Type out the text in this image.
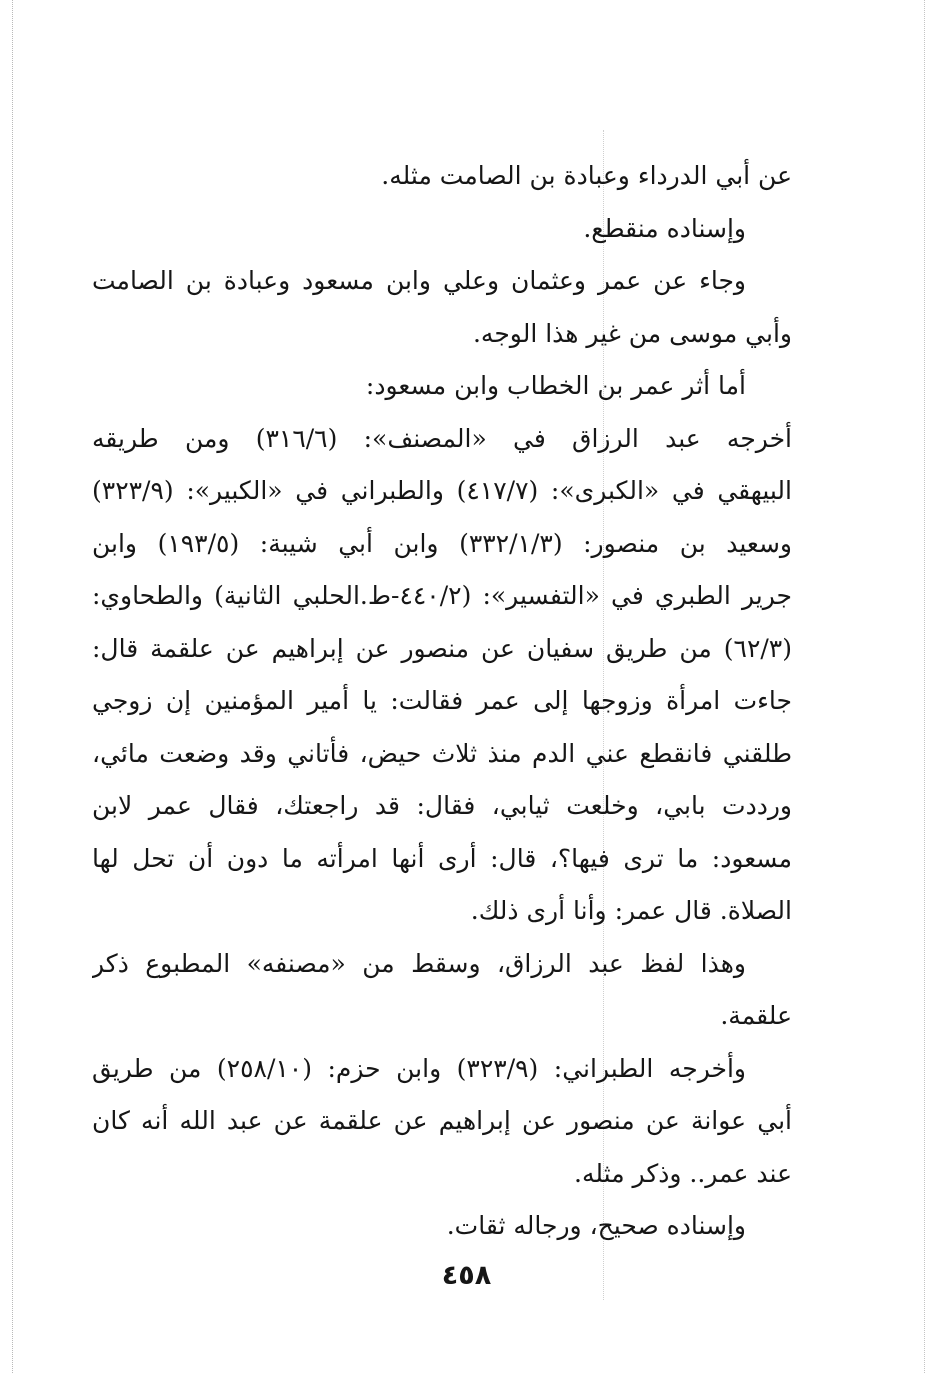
عن أبي الدرداء وعبادة بن الصامت مثله.
وإسناده منقطع.
وجاء عن عمر وعثمان وعلي وابن مسعود وعبادة بن الصامت
وأبي موسى من غير هذا الوجه.
أما أثر عمر بن الخطاب وابن مسعود:
أخرجه عبد الرزاق في «المصنف»: (٣١٦/٦) ومن طريقه
البيهقي في «الكبرى»: (٤١٧/٧) والطبراني في «الكبير»: (٣٢٣/٩)
وسعيد بن منصور: (٣٣٢/١/٣) وابن أبي شيبة: (١٩٣/٥) وابن
جرير الطبري في «التفسير»: (٤٤٠/٢-ط.الحلبي الثانية) والطحاوي:
(٦٢/٣) من طريق سفيان عن منصور عن إبراهيم عن علقمة قال:
جاءت امرأة وزوجها إلى عمر فقالت: يا أمير المؤمنين إن زوجي
طلقني فانقطع عني الدم منذ ثلاث حيض، فأتاني وقد وضعت مائي،
ورددت بابي، وخلعت ثيابي، فقال: قد راجعتك، فقال عمر لابن
مسعود: ما ترى فيها؟، قال: أرى أنها امرأته ما دون أن تحل لها
الصلاة. قال عمر: وأنا أرى ذلك.
وهذا لفظ عبد الرزاق، وسقط من «مصنفه» المطبوع ذكر
علقمة.
وأخرجه الطبراني: (٣٢٣/٩) وابن حزم: (٢٥٨/١٠) من طريق
أبي عوانة عن منصور عن إبراهيم عن علقمة عن عبد الله أنه كان
عند عمر.. وذكر مثله.
وإسناده صحيح، ورجاله ثقات.
٤٥٨
